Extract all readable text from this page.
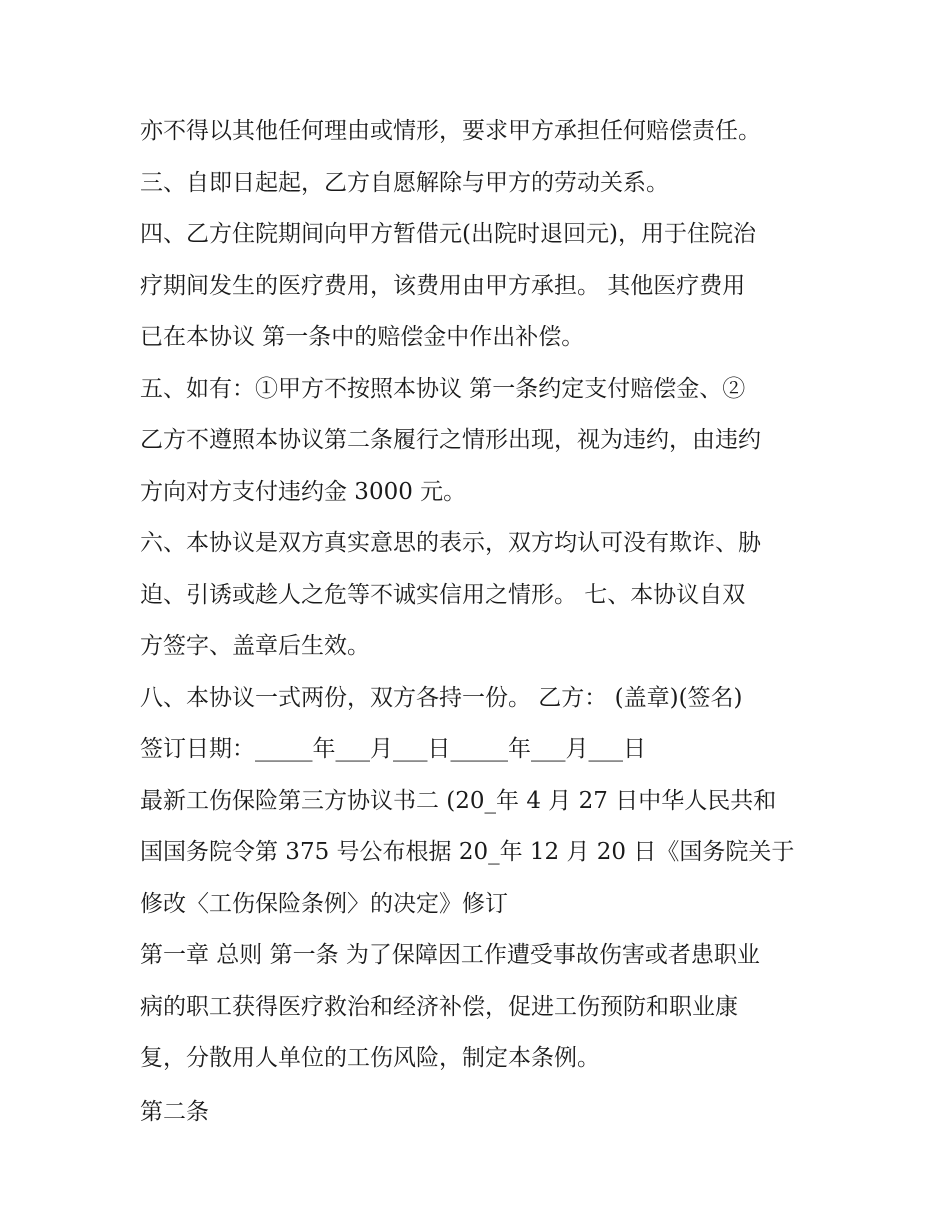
亦不得以其他任何理由或情形，要求甲方承担任何赔偿责任。
三、自即日起起，乙方自愿解除与甲方的劳动关系。
四、乙方住院期间向甲方暂借元(出院时退回元)，用于住院治
疗期间发生的医疗费用，该费用由甲方承担。 其他医疗费用
已在本协议 第一条中的赔偿金中作出补偿。
五、如有：①甲方不按照本协议 第一条约定支付赔偿金、②
乙方不遵照本协议第二条履行之情形出现，视为违约，由违约
方向对方支付违约金 3000 元。
六、本协议是双方真实意思的表示，双方均认可没有欺诈、胁
迫、引诱或趁人之危等不诚实信用之情形。 七、本协议自双
方签字、盖章后生效。
八、本协议一式两份，双方各持一份。 乙方： (盖章)(签名)
签订日期：_____年___月___日_____年___月___日
最新工伤保险第三方协议书二 (20_年 4 月 27 日中华人民共和
国国务院令第 375 号公布根据 20_年 12 月 20 日《国务院关于
修改〈工伤保险条例〉的决定》修订
第一章 总则 第一条 为了保障因工作遭受事故伤害或者患职业
病的职工获得医疗救治和经济补偿，促进工伤预防和职业康
复，分散用人单位的工伤风险，制定本条例。
第二条
